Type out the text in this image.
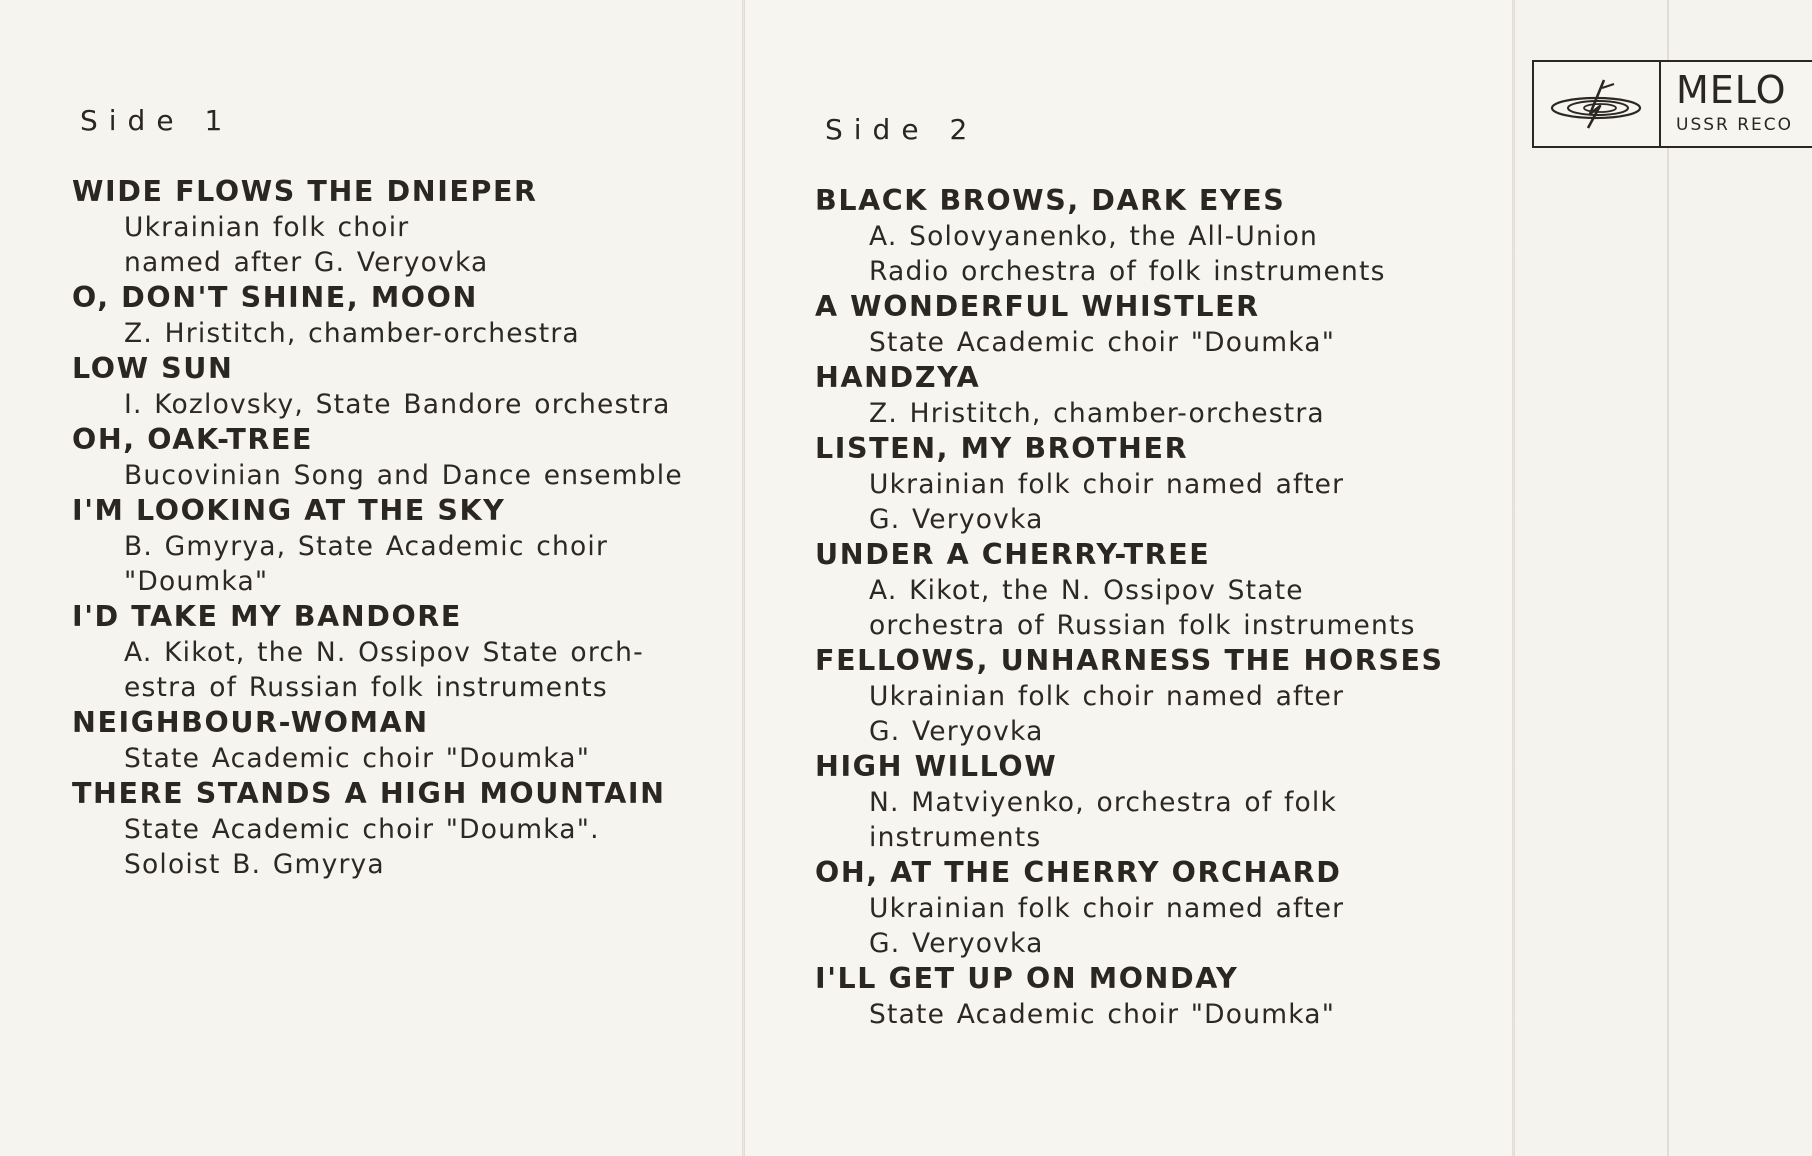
Side 1
WIDE FLOWS THE DNIEPER
Ukrainian folk choir
named after G. Veryovka
O, DON'T SHINE, MOON
Z. Hristitch, chamber-orchestra
LOW SUN
I. Kozlovsky, State Bandore orchestra
OH, OAK-TREE
Bucovinian Song and Dance ensemble
I'M LOOKING AT THE SKY
B. Gmyrya, State Academic choir
"Doumka"
I'D TAKE MY BANDORE
A. Kikot, the N. Ossipov State orch-
estra of Russian folk instruments
NEIGHBOUR-WOMAN
State Academic choir "Doumka"
THERE STANDS A HIGH MOUNTAIN
State Academic choir "Doumka".
Soloist B. Gmyrya
Side 2
BLACK BROWS, DARK EYES
A. Solovyanenko, the All-Union
Radio orchestra of folk instruments
A WONDERFUL WHISTLER
State Academic choir "Doumka"
HANDZYA
Z. Hristitch, chamber-orchestra
LISTEN, MY BROTHER
Ukrainian folk choir named after
G. Veryovka
UNDER A CHERRY-TREE
A. Kikot, the N. Ossipov State
orchestra of Russian folk instruments
FELLOWS, UNHARNESS THE HORSES
Ukrainian folk choir named after
G. Veryovka
HIGH WILLOW
N. Matviyenko, orchestra of folk
instruments
OH, AT THE CHERRY ORCHARD
Ukrainian folk choir named after
G. Veryovka
I'LL GET UP ON MONDAY
State Academic choir "Doumka"
MELO
USSR RECO
